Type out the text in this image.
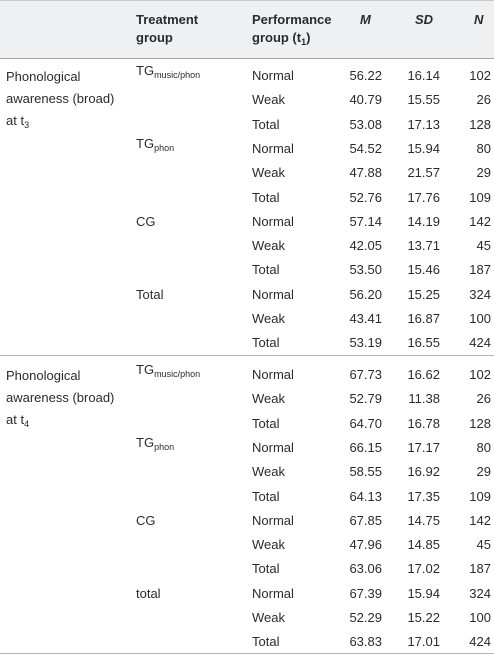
Treatment
group
Performance
group $(t_1)$
M	SD	N
Phonological
awareness (broad)
at $t_3$
$TG_{music/phon}$	Normal	56.22 16.14 102
Weak	40.79 15.55	26
Total	53.08 17.13 128
$TG_{phon}$	Normal	54.52 15.94	80
Weak	47.88 21.57	29
Total	52.76 17.76 109
CG	Normal	57.14 14.19 142
Weak	42.05 13.71	45
Total	53.50 15.46 187
Total	Normal	56.20 15.25 324
Weak	43.41 16.87 100
Total	53.19 16.55 424
Phonological
awareness (broad)
at $t_4$
$TG_{music/phon}$	Normal	67.73 16.62 102
Weak	52.79 11.38	26
Total	64.70 16.78 128
$TG_{phon}$	Normal	66.15 17.17	80
Weak	58.55 16.92	29
Total	64.13 17.35 109
CG	Normal	67.85 14.75 142
Weak	47.96 14.85	45
Total	63.06 17.02 187
total	Normal	67.39 15.94 324
Weak	52.29 15.22 100
Total	63.83 17.01 424
